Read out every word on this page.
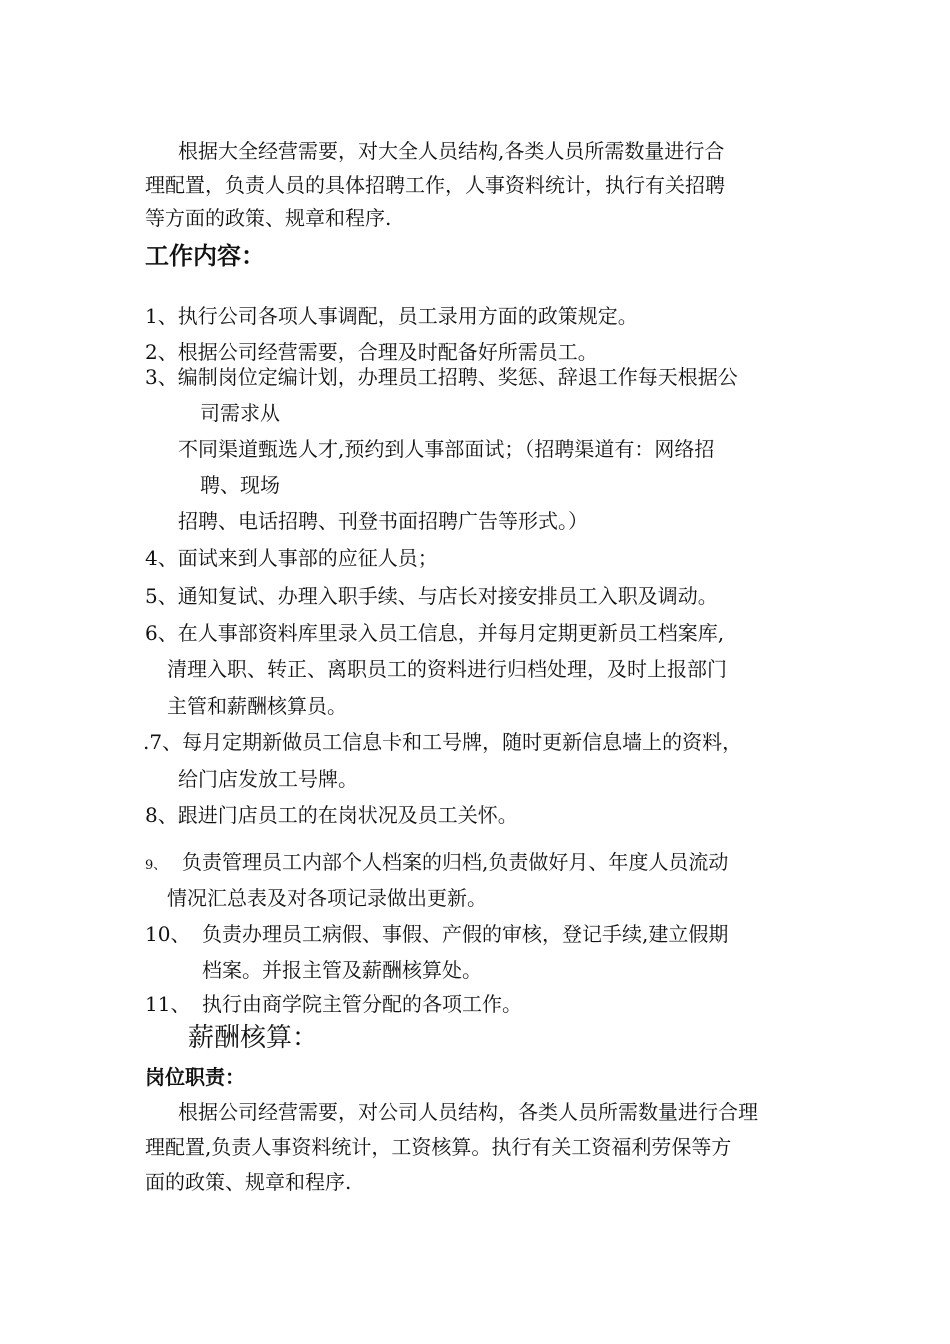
根据大全经营需要，对大全人员结构,各类人员所需数量进行合
理配置，负责人员的具体招聘工作，人事资料统计，执行有关招聘
等方面的政策、规章和程序.
工作内容：
1、执行公司各项人事调配，员工录用方面的政策规定。
2、根据公司经营需要，合理及时配备好所需员工。
3、编制岗位定编计划，办理员工招聘、奖惩、辞退工作每天根据公
司需求从
不同渠道甄选人才,预约到人事部面试；（招聘渠道有：网络招
聘、现场
招聘、电话招聘、刊登书面招聘广告等形式。）
4、面试来到人事部的应征人员；
5、通知复试、办理入职手续、与店长对接安排员工入职及调动。
6、在人事部资料库里录入员工信息，并每月定期更新员工档案库,
清理入职、转正、离职员工的资料进行归档处理，及时上报部门
主管和薪酬核算员。
.7、每月定期新做员工信息卡和工号牌，随时更新信息墙上的资料，
给门店发放工号牌。
8、跟进门店员工的在岗状况及员工关怀。
9、 负责管理员工内部个人档案的归档,负责做好月、年度人员流动
情况汇总表及对各项记录做出更新。
10、 负责办理员工病假、事假、产假的审核，登记手续,建立假期
档案。并报主管及薪酬核算处。
11、 执行由商学院主管分配的各项工作。
薪酬核算：
岗位职责：
根据公司经营需要，对公司人员结构，各类人员所需数量进行合理
理配置,负责人事资料统计，工资核算。执行有关工资福利劳保等方
面的政策、规章和程序.
